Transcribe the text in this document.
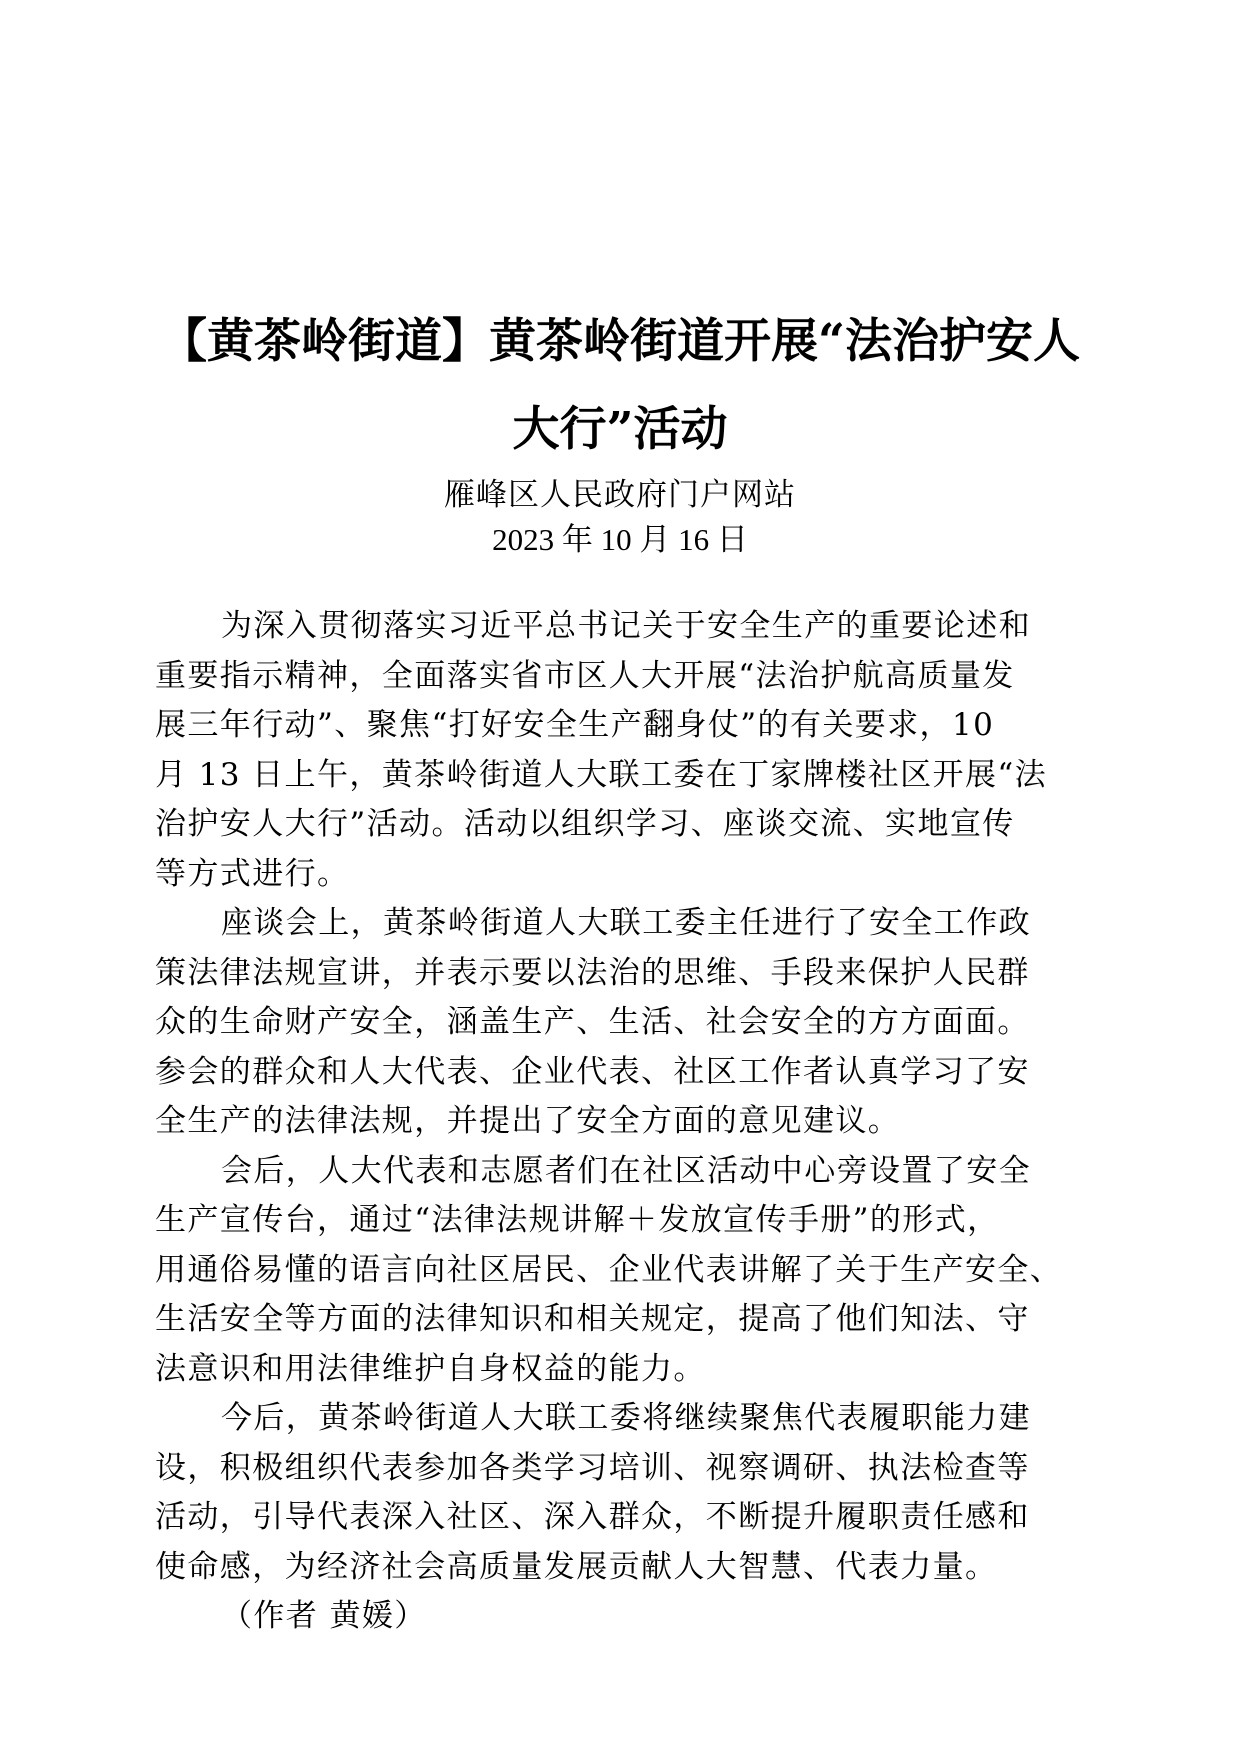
【黄茶岭街道】黄茶岭街道开展“法治护安人
大行”活动
雁峰区人民政府门户网站
2023 年 10 月 16 日
为深入贯彻落实习近平总书记关于安全生产的重要论述和
重要指示精神，全面落实省市区人大开展“法治护航高质量发
展三年行动”、聚焦“打好安全生产翻身仗”的有关要求，10
月 13 日上午，黄茶岭街道人大联工委在丁家牌楼社区开展“法
治护安人大行”活动。活动以组织学习、座谈交流、实地宣传
等方式进行。
座谈会上，黄茶岭街道人大联工委主任进行了安全工作政
策法律法规宣讲，并表示要以法治的思维、手段来保护人民群
众的生命财产安全，涵盖生产、生活、社会安全的方方面面。
参会的群众和人大代表、企业代表、社区工作者认真学习了安
全生产的法律法规，并提出了安全方面的意见建议。
会后，人大代表和志愿者们在社区活动中心旁设置了安全
生产宣传台，通过“法律法规讲解＋发放宣传手册”的形式，
用通俗易懂的语言向社区居民、企业代表讲解了关于生产安全、
生活安全等方面的法律知识和相关规定，提高了他们知法、守
法意识和用法律维护自身权益的能力。
今后，黄茶岭街道人大联工委将继续聚焦代表履职能力建
设，积极组织代表参加各类学习培训、视察调研、执法检查等
活动，引导代表深入社区、深入群众，不断提升履职责任感和
使命感，为经济社会高质量发展贡献人大智慧、代表力量。
（作者 黄媛）
